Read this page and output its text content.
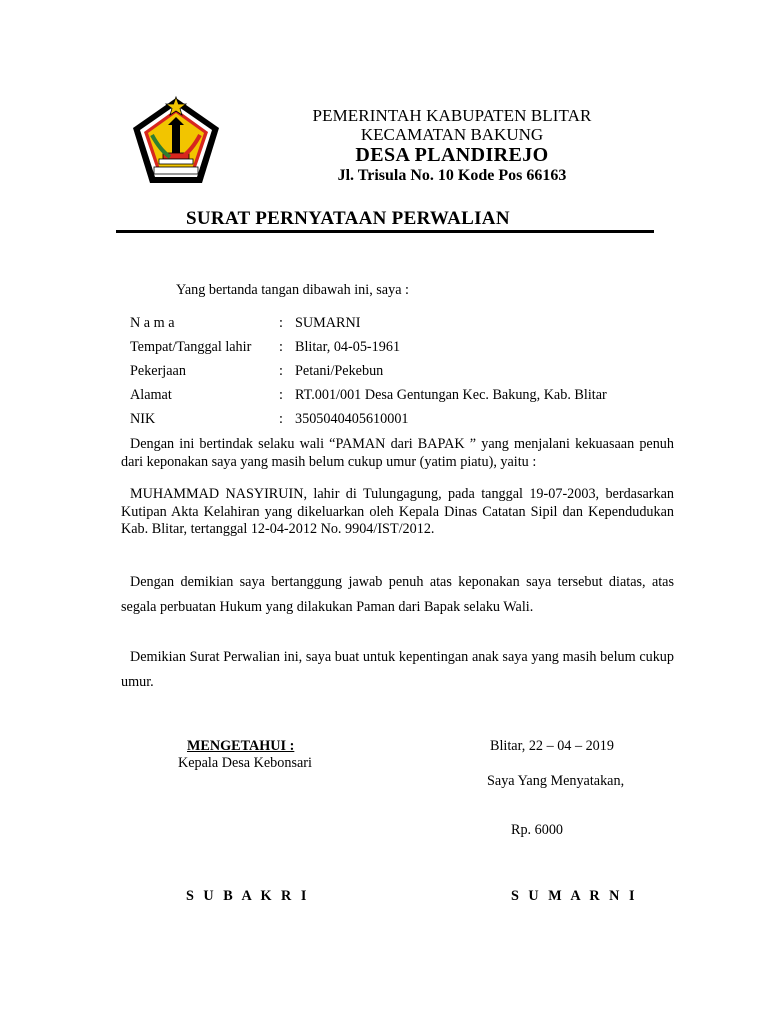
PEMERINTAH KABUPATEN BLITAR
KECAMATAN BAKUNG
DESA PLANDIREJO
Jl. Trisula No. 10 Kode Pos 66163
SURAT PERNYATAAN PERWALIAN
Yang bertanda tangan dibawah ini, saya :
N a m a	: SUMARNI
Tempat/Tanggal lahir : Blitar, 04-05-1961
Pekerjaan	: Petani/Pekebun
Alamat	: RT.001/001 Desa Gentungan Kec. Bakung, Kab. Blitar
NIK	: 3505040405610001

Dengan ini bertindak selaku wali “PAMAN dari BAPAK ” yang menjalani kekuasaan penuh dari keponakan saya yang masih belum cukup umur (yatim piatu), yaitu :

MUHAMMAD NASYIRUIN, lahir di Tulungagung, pada tanggal 19-07-2003, berdasarkan Kutipan Akta Kelahiran yang dikeluarkan oleh Kepala Dinas Catatan Sipil dan Kependudukan Kab. Blitar, tertanggal 12-04-2012 No. 9904/IST/2012.

Dengan demikian saya bertanggung jawab penuh atas keponakan saya tersebut diatas, atas segala perbuatan Hukum yang dilakukan Paman dari Bapak selaku Wali.

Demikian Surat Perwalian ini, saya buat untuk kepentingan anak saya yang masih belum cukup umur.

MENGETAHUI :
Kepala Desa Kebonsari
Blitar, 22 – 04 – 2019
Saya Yang Menyatakan,
Rp. 6000
S U B A K R I	S U M A R N I
